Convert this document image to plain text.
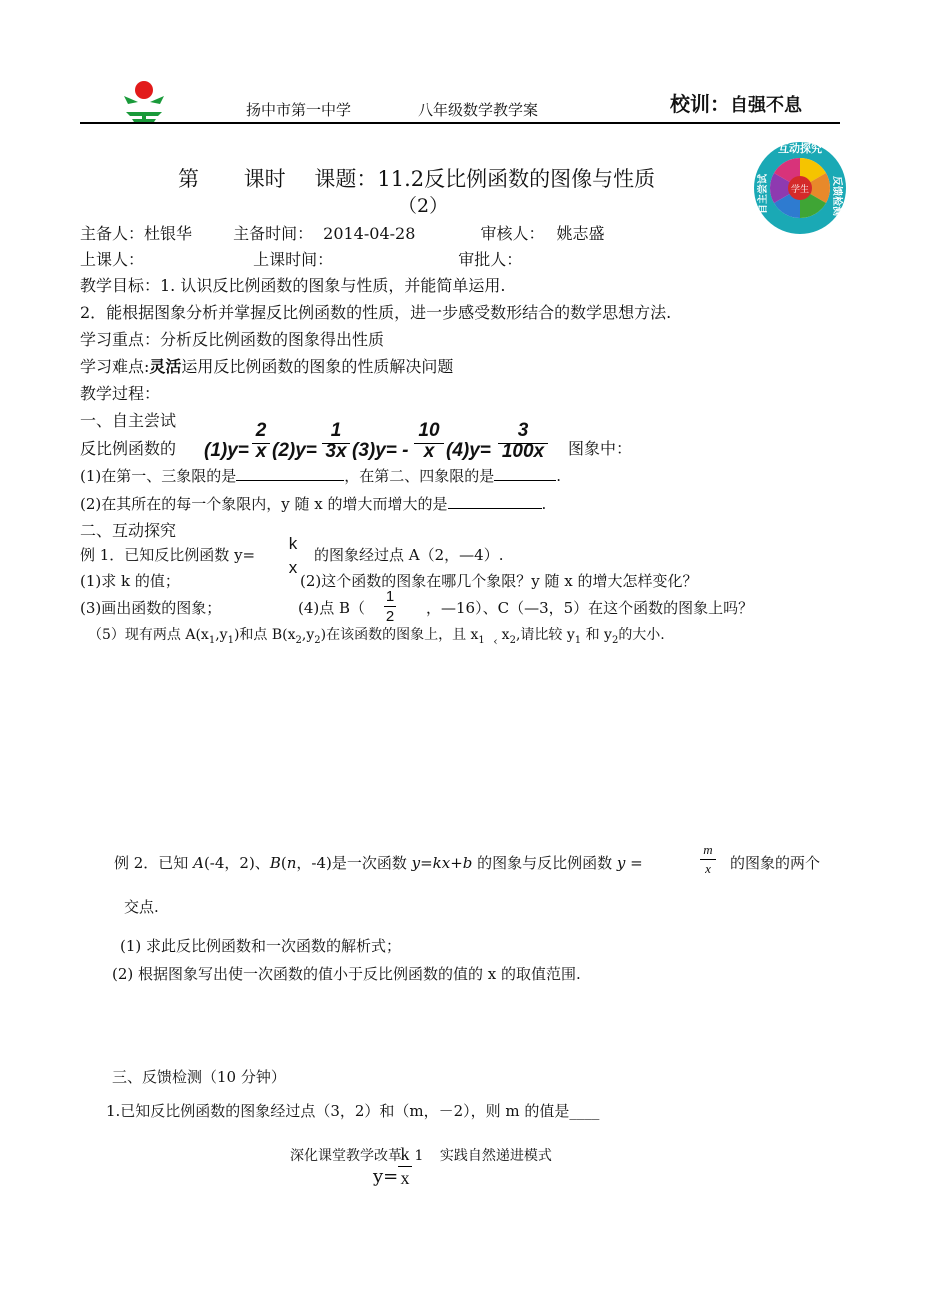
扬中市第一中学	八年级数学教学案	校训：自强不息
学生
互动探究
反馈检测
自主尝试
第 课时 课题：11.2反比例函数的图像与性质
（2）
主备人：杜银华	主备时间： 2014-04-28	审核人： 姚志盛
上课人：	上课时间：	审批人：
教学目标：1. 认识反比例函数的图象与性质，并能简单运用.
2．能根据图象分析并掌握反比例函数的性质，进一步感受数形结合的数学思想方法.
学习重点：分析反比例函数的图象得出性质
学习难点:灵活运用反比例函数的图象的性质解决问题
教学过程：
一、自主尝试
反比例函数的 (1)y=
2
x (2)y=
1
3x (3)y= -
10
x (4)y=
3
100x 图象中：
(1)在第一、三象限的是	，在第二、四象限的是	.
(2)在其所在的每一个象限内，y 随 x 的增大而增大的是	.
二、互动探究
例 1．已知反比例函数 y=
k
x
的图象经过点 A（2，—4）.
(1)求 k 的值；	(2)这个函数的图象在哪几个象限？y 随 x 的增大怎样变化？
(3)画出函数的图象；	(4)点 B（
1
2 ，—16）、C（—3，5）在这个函数的图象上吗？
（5）现有两点 $A(x_1,y_1)$和点 $B(x_2,y_2)$在该函数的图象上，且 $x_1$ $_‹$ $x_2$,请比较 $y_1$ 和 $y_2$的大小.
例 2．已知 A(-4，2)、B(n，-4)是一次函数 y=kx+b 的图象与反比例函数 y =
m
x	的图象的两个
交点.
(1) 求此反比例函数和一次函数的解析式；
(2) 根据图象写出使一次函数的值小于反比例函数的值的 x 的取值范围.
三、反馈检测（10 分钟）
1.已知反比例函数的图象经过点（3，2）和（m，－2），则 m 的值是____
深化课堂教学改革 1 实践自然递进模式
y=
k
x
